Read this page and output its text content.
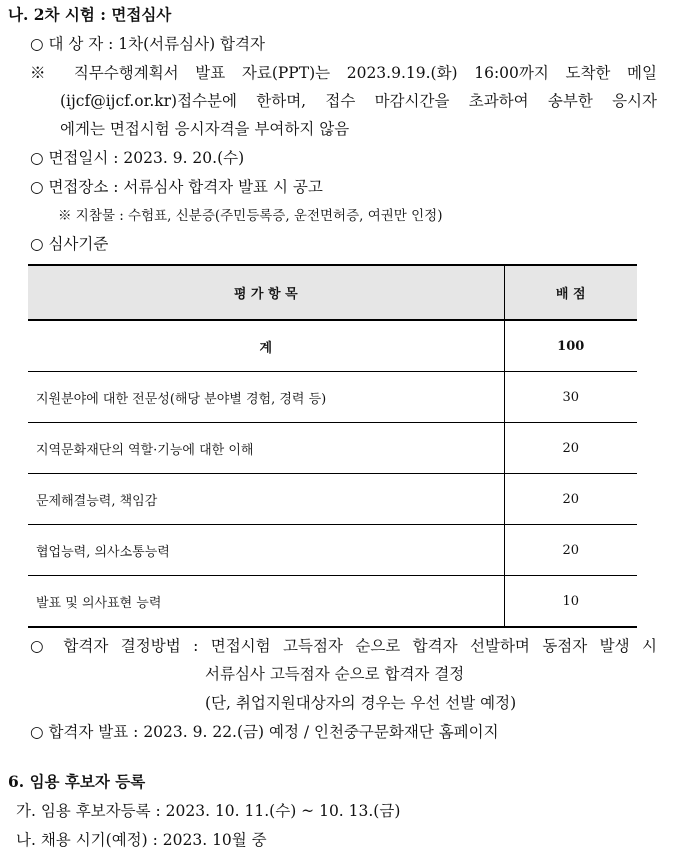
나. 2차 시험 : 면접심사
○ 대 상 자 : 1차(서류심사) 합격자
※ 직무수행계획서 발표 자료(PPT)는 2023.9.19.(화) 16:00까지 도착한 메일
(ijcf@ijcf.or.kr)접수분에 한하며, 접수 마감시간을 초과하여 송부한 응시자
에게는 면접시험 응시자격을 부여하지 않음
○ 면접일시 : 2023. 9. 20.(수)
○ 면접장소 : 서류심사 합격자 발표 시 공고
※ 지참물 : 수험표, 신분증(주민등록증, 운전면허증, 여권만 인정)
○ 심사기준
평 가 항 목	배 점
계	100
지원분야에 대한 전문성(해당 분야별 경험, 경력 등)	30
지역문화재단의 역할·기능에 대한 이해	20
문제해결능력, 책임감	20
협업능력, 의사소통능력	20
발표 및 의사표현 능력	10
○ 합격자 결정방법 : 면접시험 고득점자 순으로 합격자 선발하며 동점자 발생 시
서류심사 고득점자 순으로 합격자 결정
(단, 취업지원대상자의 경우는 우선 선발 예정)
○ 합격자 발표 : 2023. 9. 22.(금) 예정 / 인천중구문화재단 홈페이지
6. 임용 후보자 등록
가. 임용 후보자등록 : 2023. 10. 11.(수) ~ 10. 13.(금)
나. 채용 시기(예정) : 2023. 10월 중
